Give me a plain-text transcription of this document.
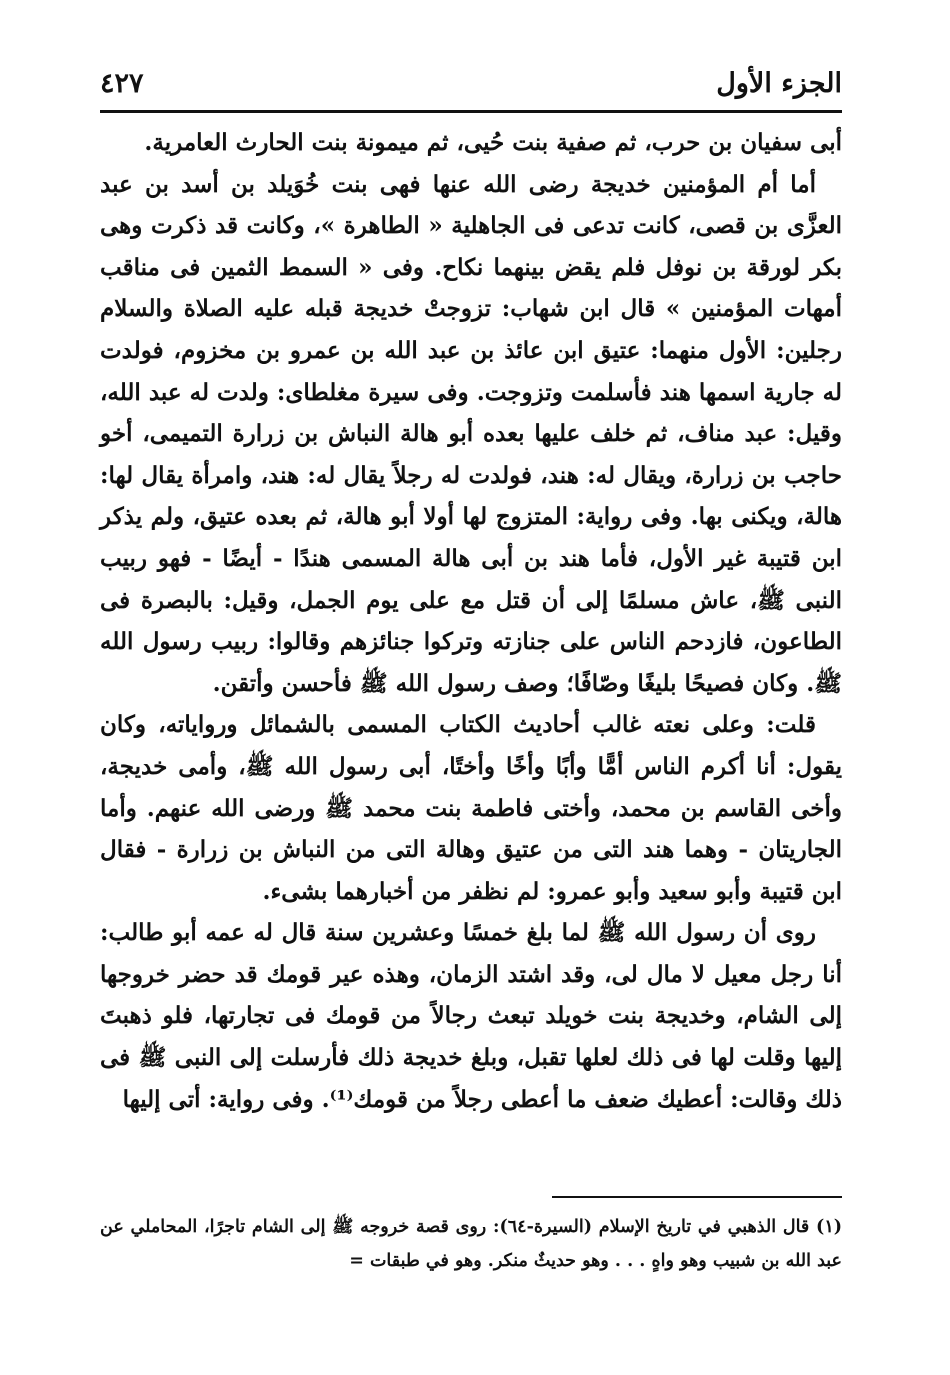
الجزء الأول
٤٢٧

أبى سفيان بن حرب، ثم صفية بنت حُيى، ثم ميمونة بنت الحارث العامرية.

أما أم المؤمنين خديجة رضى الله عنها فهى بنت خُوَيلد بن أسد بن عبد العزَّى بن قصى، كانت تدعى فى الجاهلية « الطاهرة »، وكانت قد ذكرت وهى بكر لورقة بن نوفل فلم يقض بينهما نكاح. وفى « السمط الثمين فى مناقب أمهات المؤمنين » قال ابن شهاب: تزوجتْ خديجة قبله عليه الصلاة والسلام رجلين: الأول منهما: عتيق ابن عائذ بن عبد الله بن عمرو بن مخزوم، فولدت له جارية اسمها هند فأسلمت وتزوجت. وفى سيرة مغلطاى: ولدت له عبد الله، وقيل: عبد مناف، ثم خلف عليها بعده أبو هالة النباش بن زرارة التميمى، أخو حاجب بن زرارة، ويقال له: هند، فولدت له رجلاً يقال له: هند، وامرأة يقال لها: هالة، ويكنى بها. وفى رواية: المتزوج لها أولا أبو هالة، ثم بعده عتيق، ولم يذكر ابن قتيبة غير الأول، فأما هند بن أبى هالة المسمى هندًا - أيضًا - فهو ربيب النبى ﷺ، عاش مسلمًا إلى أن قتل مع على يوم الجمل، وقيل: بالبصرة فى الطاعون، فازدحم الناس على جنازته وتركوا جنائزهم وقالوا: ربيب رسول الله ﷺ. وكان فصيحًا بليغًا وصّافًا؛ وصف رسول الله ﷺ فأحسن وأتقن.

قلت: وعلى نعته غالب أحاديث الكتاب المسمى بالشمائل ورواياته، وكان يقول: أنا أكرم الناس أمًّا وأبًا وأخًا وأختًا، أبى رسول الله ﷺ، وأمى خديجة، وأخى القاسم بن محمد، وأختى فاطمة بنت محمد ﷺ ورضى الله عنهم. وأما الجاريتان - وهما هند التى من عتيق وهالة التى من النباش بن زرارة - فقال ابن قتيبة وأبو سعيد وأبو عمرو: لم نظفر من أخبارهما بشىء.

روى أن رسول الله ﷺ لما بلغ خمسًا وعشرين سنة قال له عمه أبو طالب: أنا رجل معيل لا مال لى، وقد اشتد الزمان، وهذه عير قومك قد حضر خروجها إلى الشام، وخديجة بنت خويلد تبعث رجالاً من قومك فى تجارتها، فلو ذهبتَ إليها وقلت لها فى ذلك لعلها تقبل، وبلغ خديجة ذلك فأرسلت إلى النبى ﷺ فى ذلك وقالت: أعطيك ضعف ما أعطى رجلاً من قومك⁽¹⁾. وفى رواية: أتى إليها

(١) قال الذهبي في تاريخ الإسلام (السيرة-٦٤): روى قصة خروجه ﷺ إلى الشام تاجرًا، المحاملي عن عبد الله بن شبيب وهو واهٍ . . . وهو حديثٌ منكر. وهو في طبقات =
